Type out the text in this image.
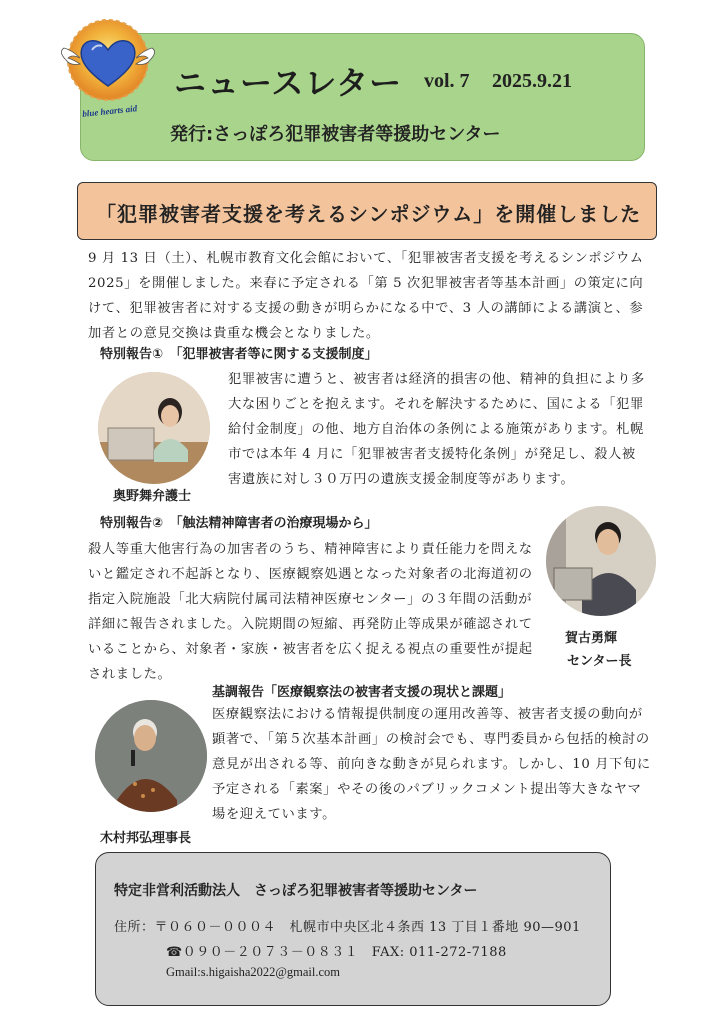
blue hearts aid
ニュースレター vol. 7 2025.9.21
発行:さっぽろ犯罪被害者等援助センター
「犯罪被害者支援を考えるシンポジウム」を開催しました
9 月 13 日（土）、札幌市教育文化会館において、「犯罪被害者支援を考えるシンポジウム 2025」を開催しました。来春に予定される「第 5 次犯罪被害者等基本計画」の策定に向けて、犯罪被害者に対する支援の動きが明らかになる中で、3 人の講師による講演と、参加者との意見交換は貴重な機会となりました。
特別報告①　「犯罪被害者等に関する支援制度」
犯罪被害に遭うと、被害者は経済的損害の他、精神的負担により多大な困りごとを抱えます。それを解決するために、国による「犯罪給付金制度」の他、地方自治体の条例による施策があります。札幌市では本年 4 月に「犯罪被害者支援特化条例」が発足し、殺人被害遺族に対し３０万円の遺族支援金制度等があります。
奥野舞弁護士
特別報告②　「触法精神障害者の治療現場から」
殺人等重大他害行為の加害者のうち、精神障害により責任能力を問えないと鑑定され不起訴となり、医療観察処遇となった対象者の北海道初の指定入院施設「北大病院付属司法精神医療センター」の３年間の活動が詳細に報告されました。入院期間の短縮、再発防止等成果が確認されていることから、対象者・家族・被害者を広く捉える視点の重要性が提起されました。
賀古勇輝
センター長
基調報告「医療観察法の被害者支援の現状と課題」
医療観察法における情報提供制度の運用改善等、被害者支援の動向が顕著で、「第５次基本計画」の検討会でも、専門委員から包括的検討の意見が出される等、前向きな動きが見られます。しかし、10 月下旬に予定される「素案」やその後のパブリックコメント提出等大きなヤマ場を迎えています。
木村邦弘理事長
特定非営利活動法人　さっぽろ犯罪被害者等援助センター
住所：〒０６０－０００４　札幌市中央区北４条西 13 丁目１番地 90—901
☎０９０－２０７３－０８３１　FAX: 011-272-7188
Gmail:s.higaisha2022@gmail.com
